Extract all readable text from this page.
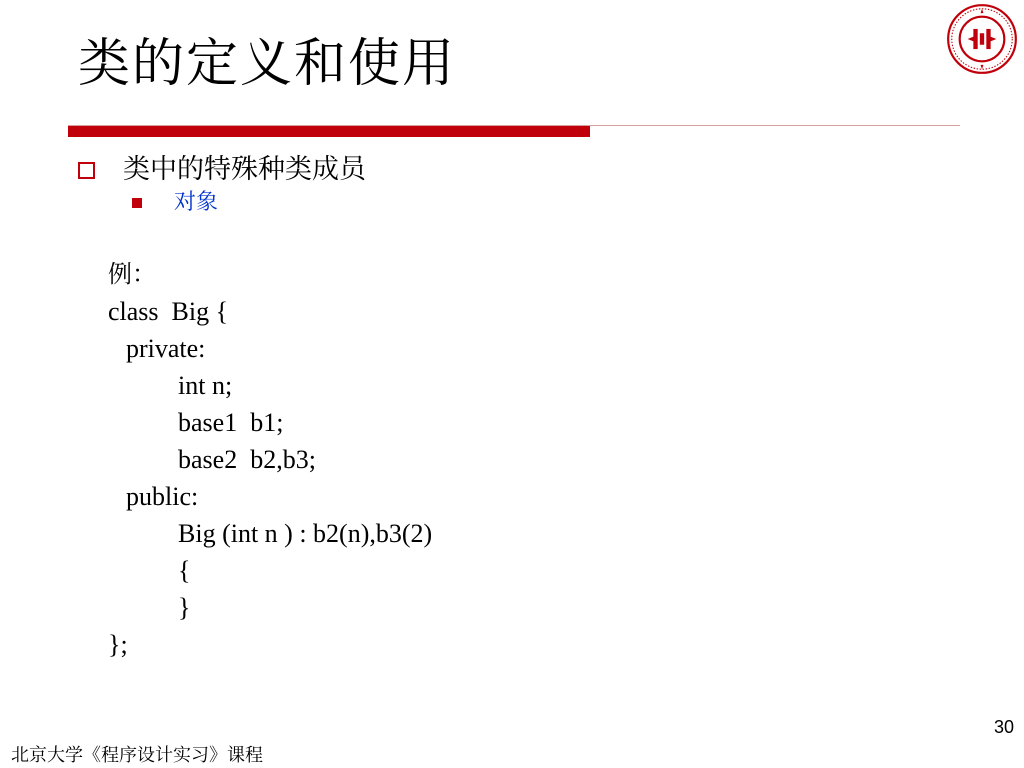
类的定义和使用
类中的特殊种类成员
对象
例：
class  Big {
private:
int n;
base1  b1;
base2  b2,b3;
public:
Big (int n ) : b2(n),b3(2)
{
}
};
30
北京大学《程序设计实习》课程
